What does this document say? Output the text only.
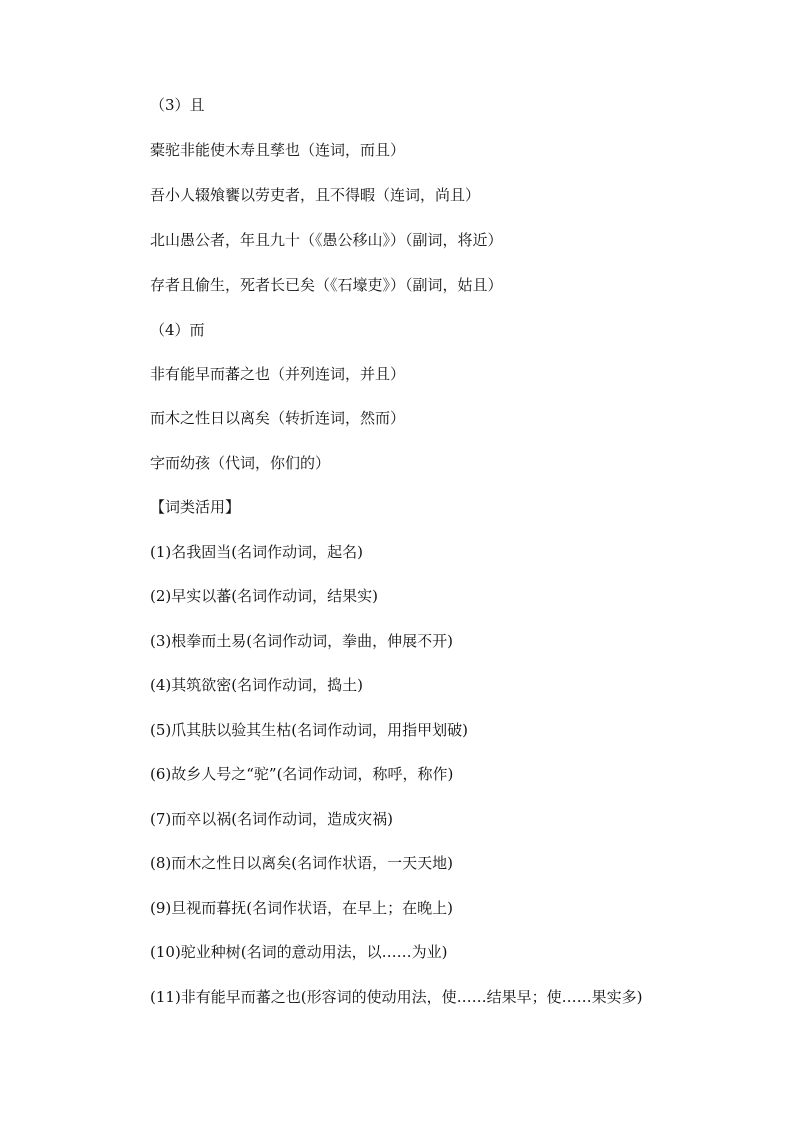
（3）且
橐驼非能使木寿且孳也（连词，而且）
吾小人辍飧饔以劳吏者，且不得暇（连词，尚且）
北山愚公者，年且九十（《愚公移山》）（副词，将近）
存者且偷生，死者长已矣（《石壕吏》）（副词，姑且）
（4）而
非有能早而蕃之也（并列连词，并且）
而木之性日以离矣（转折连词，然而）
字而幼孩（代词，你们的）
【词类活用】
(1)名我固当(名词作动词，起名)
(2)早实以蕃(名词作动词，结果实)
(3)根拳而土易(名词作动词，拳曲，伸展不开)
(4)其筑欲密(名词作动词，捣土)
(5)爪其肤以验其生枯(名词作动词，用指甲划破)
(6)故乡人号之“驼”(名词作动词，称呼，称作)
(7)而卒以祸(名词作动词，造成灾祸)
(8)而木之性日以离矣(名词作状语，一天天地)
(9)旦视而暮抚(名词作状语，在早上；在晚上)
(10)驼业种树(名词的意动用法，以……为业)
(11)非有能早而蕃之也(形容词的使动用法，使……结果早；使……果实多)
